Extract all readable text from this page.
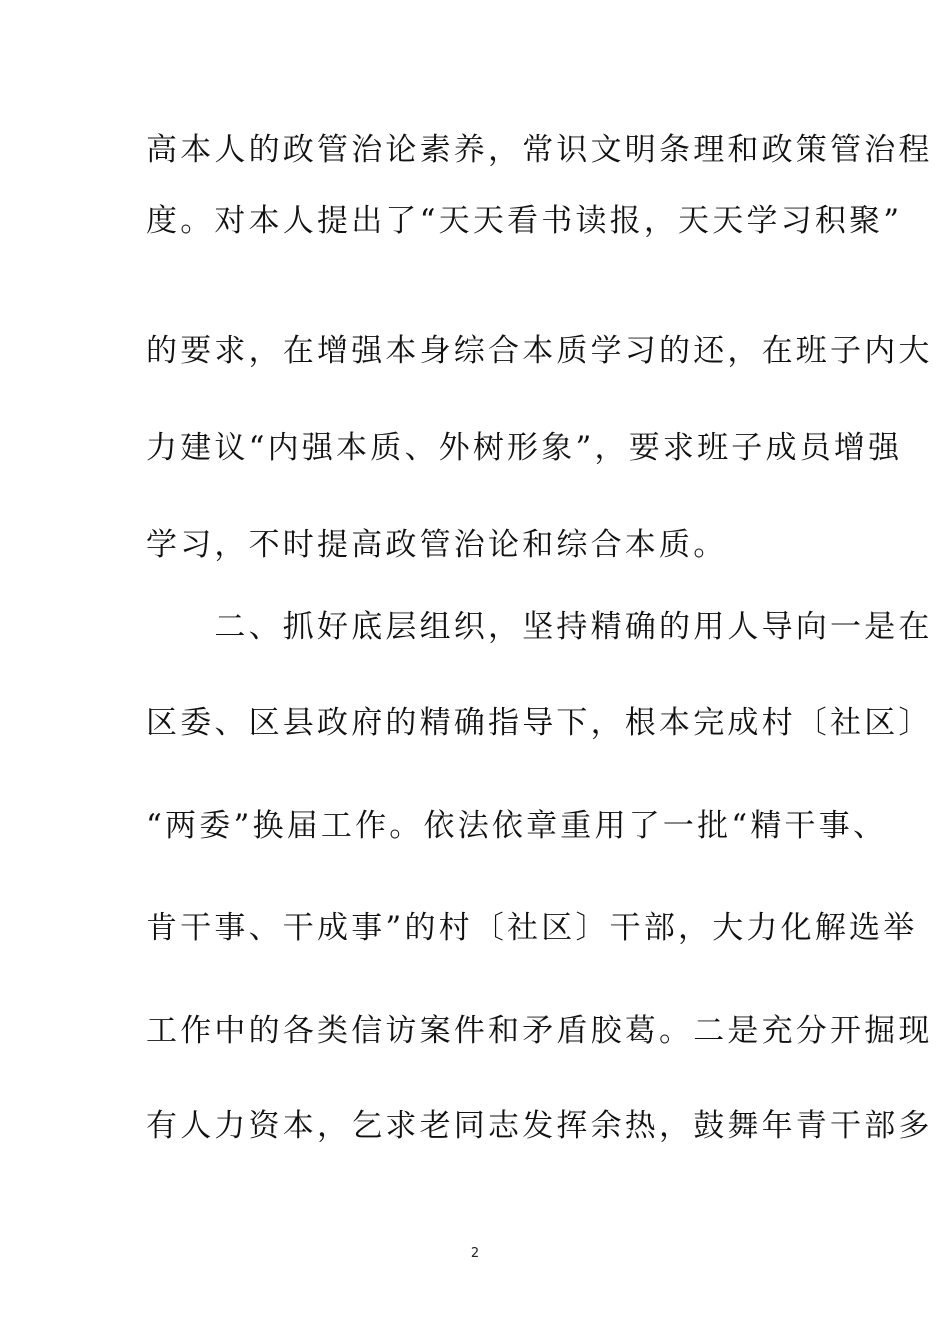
高本人的政管治论素养，常识文明条理和政策管治程
度。对本人提出了“天天看书读报，天天学习积聚”
的要求，在增强本身综合本质学习的还，在班子内大
力建议“内强本质、外树形象”，要求班子成员增强
学习，不时提高政管治论和综合本质。
　　二、抓好底层组织，坚持精确的用人导向一是在
区委、区县政府的精确指导下，根本完成村〔社区〕
“两委”换届工作。依法依章重用了一批“精干事、
肯干事、干成事”的村〔社区〕干部，大力化解选举
工作中的各类信访案件和矛盾胶葛。二是充分开掘现
有人力资本，乞求老同志发挥余热，鼓舞年青干部多
2
